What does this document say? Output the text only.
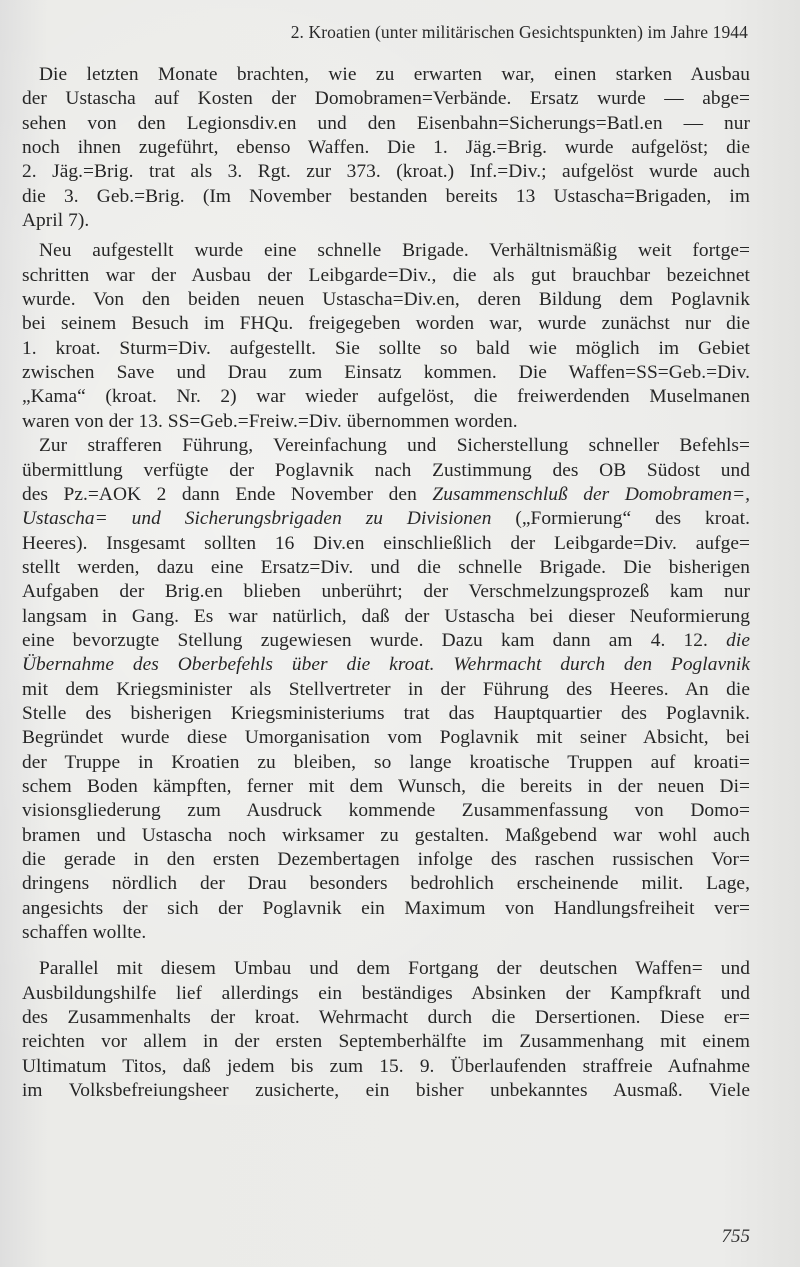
2. Kroatien (unter militärischen Gesichtspunkten) im Jahre 1944
Die letzten Monate brachten, wie zu erwarten war, einen starken Ausbau
der Ustascha auf Kosten der Domobramen=Verbände. Ersatz wurde — abge=
sehen von den Legionsdiv.en und den Eisenbahn=Sicherungs=Batl.en — nur
noch ihnen zugeführt, ebenso Waffen. Die 1. Jäg.=Brig. wurde aufgelöst; die
2. Jäg.=Brig. trat als 3. Rgt. zur 373. (kroat.) Inf.=Div.; aufgelöst wurde auch
die 3. Geb.=Brig. (Im November bestanden bereits 13 Ustascha=Brigaden, im
April 7).
Neu aufgestellt wurde eine schnelle Brigade. Verhältnismäßig weit fortge=
schritten war der Ausbau der Leibgarde=Div., die als gut brauchbar bezeichnet
wurde. Von den beiden neuen Ustascha=Div.en, deren Bildung dem Poglavnik
bei seinem Besuch im FHQu. freigegeben worden war, wurde zunächst nur die
1. kroat. Sturm=Div. aufgestellt. Sie sollte so bald wie möglich im Gebiet
zwischen Save und Drau zum Einsatz kommen. Die Waffen=SS=Geb.=Div.
„Kama“ (kroat. Nr. 2) war wieder aufgelöst, die freiwerdenden Muselmanen
waren von der 13. SS=Geb.=Freiw.=Div. übernommen worden.
Zur strafferen Führung, Vereinfachung und Sicherstellung schneller Befehls=
übermittlung verfügte der Poglavnik nach Zustimmung des OB Südost und
des Pz.=AOK 2 dann Ende November den Zusammenschluß der Domobramen=,
Ustascha= und Sicherungsbrigaden zu Divisionen („Formierung“ des kroat.
Heeres). Insgesamt sollten 16 Div.en einschließlich der Leibgarde=Div. aufge=
stellt werden, dazu eine Ersatz=Div. und die schnelle Brigade. Die bisherigen
Aufgaben der Brig.en blieben unberührt; der Verschmelzungsprozeß kam nur
langsam in Gang. Es war natürlich, daß der Ustascha bei dieser Neuformierung
eine bevorzugte Stellung zugewiesen wurde. Dazu kam dann am 4. 12. die
Übernahme des Oberbefehls über die kroat. Wehrmacht durch den Poglavnik
mit dem Kriegsminister als Stellvertreter in der Führung des Heeres. An die
Stelle des bisherigen Kriegsministeriums trat das Hauptquartier des Poglavnik.
Begründet wurde diese Umorganisation vom Poglavnik mit seiner Absicht, bei
der Truppe in Kroatien zu bleiben, so lange kroatische Truppen auf kroati=
schem Boden kämpften, ferner mit dem Wunsch, die bereits in der neuen Di=
visionsgliederung zum Ausdruck kommende Zusammenfassung von Domo=
bramen und Ustascha noch wirksamer zu gestalten. Maßgebend war wohl auch
die gerade in den ersten Dezembertagen infolge des raschen russischen Vor=
dringens nördlich der Drau besonders bedrohlich erscheinende milit. Lage,
angesichts der sich der Poglavnik ein Maximum von Handlungsfreiheit ver=
schaffen wollte.
Parallel mit diesem Umbau und dem Fortgang der deutschen Waffen= und
Ausbildungshilfe lief allerdings ein beständiges Absinken der Kampfkraft und
des Zusammenhalts der kroat. Wehrmacht durch die Dersertionen. Diese er=
reichten vor allem in der ersten Septemberhälfte im Zusammenhang mit einem
Ultimatum Titos, daß jedem bis zum 15. 9. Überlaufenden straffreie Aufnahme
im Volksbefreiungsheer zusicherte, ein bisher unbekanntes Ausmaß. Viele
755
